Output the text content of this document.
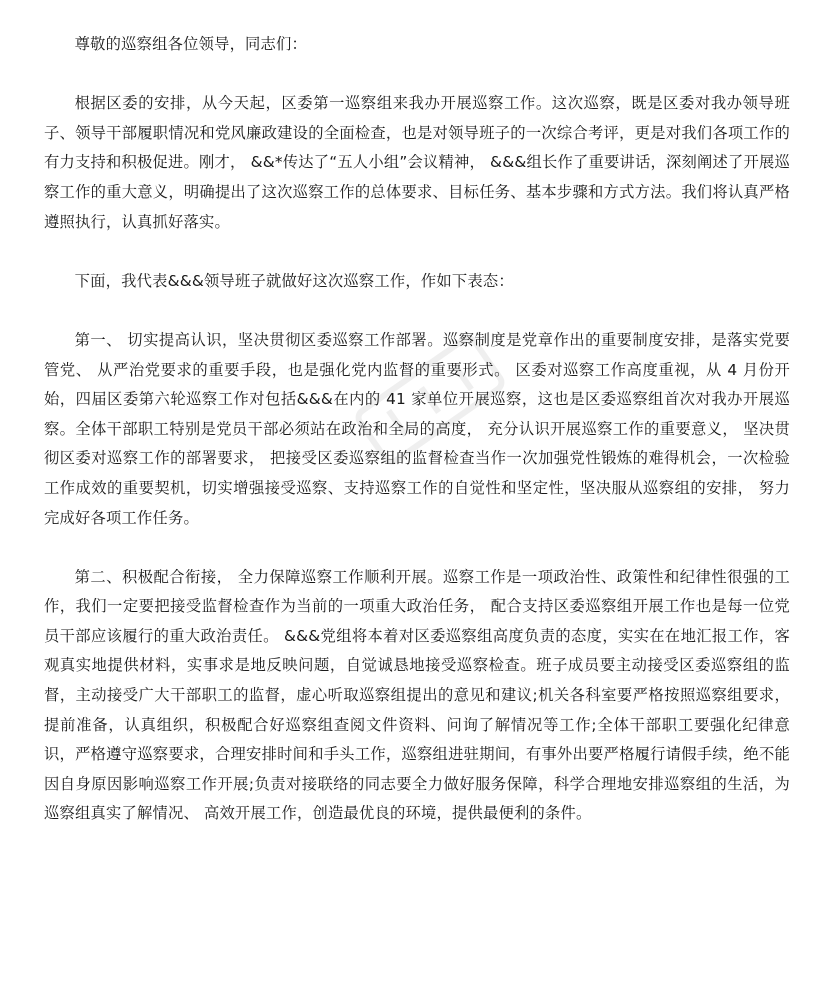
尊敬的巡察组各位领导，同志们：

根据区委的安排，从今天起，区委第一巡察组来我办开展巡察工作。这次巡察，既是区委对我办领导班子、领导干部履职情况和党风廉政建设的全面检查，也是对领导班子的一次综合考评，更是对我们各项工作的有力支持和积极促进。刚才， &&*传达了“五人小组”会议精神， &&&组长作了重要讲话，深刻阐述了开展巡察工作的重大意义，明确提出了这次巡察工作的总体要求、目标任务、基本步骤和方式方法。我们将认真严格遵照执行，认真抓好落实。

下面，我代表&&&领导班子就做好这次巡察工作，作如下表态：

第一、 切实提高认识，坚决贯彻区委巡察工作部署。巡察制度是党章作出的重要制度安排，是落实党要管党、 从严治党要求的重要手段，也是强化党内监督的重要形式。 区委对巡察工作高度重视，从 4 月份开始，四届区委第六轮巡察工作对包括&&&在内的 41 家单位开展巡察，这也是区委巡察组首次对我办开展巡察。全体干部职工特别是党员干部必须站在政治和全局的高度， 充分认识开展巡察工作的重要意义， 坚决贯彻区委对巡察工作的部署要求， 把接受区委巡察组的监督检查当作一次加强党性锻炼的难得机会，一次检验工作成效的重要契机，切实增强接受巡察、支持巡察工作的自觉性和坚定性，坚决服从巡察组的安排， 努力完成好各项工作任务。

第二、积极配合衔接， 全力保障巡察工作顺利开展。巡察工作是一项政治性、政策性和纪律性很强的工作，我们一定要把接受监督检查作为当前的一项重大政治任务， 配合支持区委巡察组开展工作也是每一位党员干部应该履行的重大政治责任。 &&&党组将本着对区委巡察组高度负责的态度，实实在在地汇报工作，客观真实地提供材料，实事求是地反映问题，自觉诚恳地接受巡察检查。班子成员要主动接受区委巡察组的监督，主动接受广大干部职工的监督，虚心听取巡察组提出的意见和建议;机关各科室要严格按照巡察组要求，提前准备，认真组织，积极配合好巡察组查阅文件资料、问询了解情况等工作;全体干部职工要强化纪律意识，严格遵守巡察要求，合理安排时间和手头工作，巡察组进驻期间，有事外出要严格履行请假手续，绝不能因自身原因影响巡察工作开展;负责对接联络的同志要全力做好服务保障，科学合理地安排巡察组的生活，为巡察组真实了解情况、 高效开展工作，创造最优良的环境，提供最便利的条件。
